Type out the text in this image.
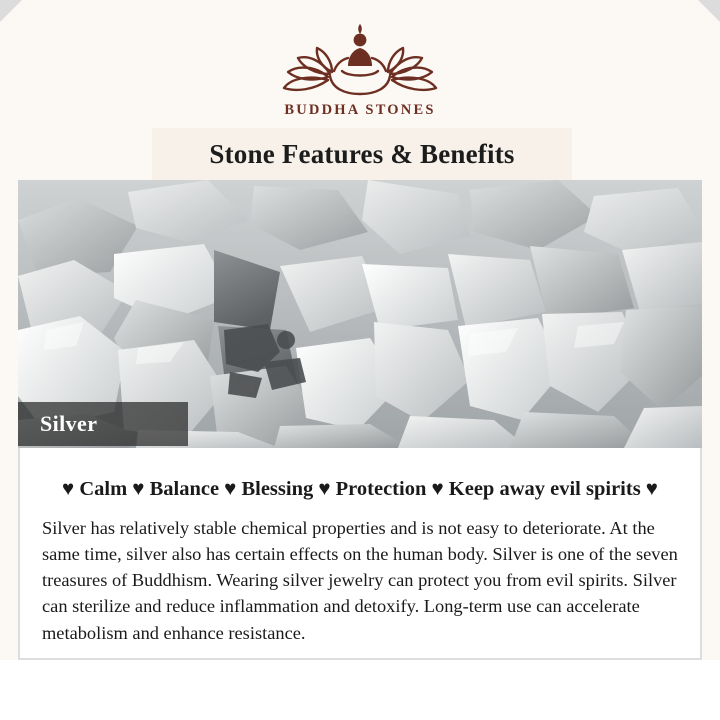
BUDDHA STONES
Stone Features & Benefits
Silver

♥ Calm ♥ Balance ♥ Blessing ♥ Protection ♥ Keep away evil spirits ♥

Silver has relatively stable chemical properties and is not easy to deteriorate. At the same time, silver also has certain effects on the human body. Silver is one of the seven treasures of Buddhism. Wearing silver jewelry can protect you from evil spirits. Silver can sterilize and reduce inflammation and detoxify. Long-term use can accelerate metabolism and enhance resistance.
